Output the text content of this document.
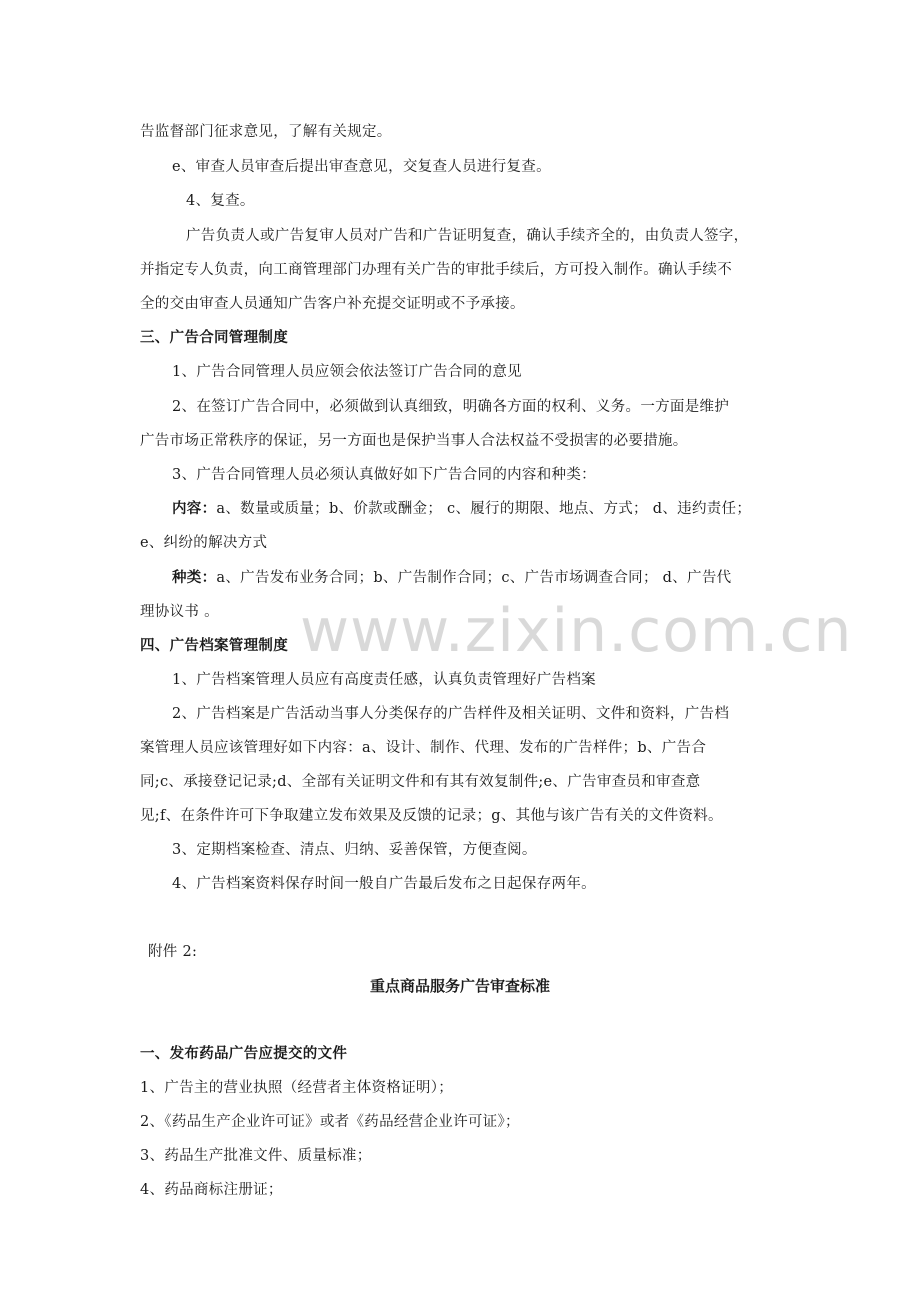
www.zixin.com.cn
告监督部门征求意见，了解有关规定。
e、审查人员审查后提出审查意见，交复查人员进行复查。
4、复查。
广告负责人或广告复审人员对广告和广告证明复查，确认手续齐全的，由负责人签字，
并指定专人负责，向工商管理部门办理有关广告的审批手续后，方可投入制作。确认手续不
全的交由审查人员通知广告客户补充提交证明或不予承接。
三、广告合同管理制度
1、广告合同管理人员应领会依法签订广告合同的意见
2、在签订广告合同中，必须做到认真细致，明确各方面的权利、义务。一方面是维护
广告市场正常秩序的保证，另一方面也是保护当事人合法权益不受损害的必要措施。
3、广告合同管理人员必须认真做好如下广告合同的内容和种类：
内容：a、数量或质量；b、价款或酬金； c、履行的期限、地点、方式； d、违约责任；
e、纠纷的解决方式
种类：a、广告发布业务合同；b、广告制作合同；c、广告市场调查合同； d、广告代
理协议书 。
四、广告档案管理制度
1、广告档案管理人员应有高度责任感，认真负责管理好广告档案
2、广告档案是广告活动当事人分类保存的广告样件及相关证明、文件和资料，广告档
案管理人员应该管理好如下内容：a、设计、制作、代理、发布的广告样件；b、广告合
同;c、承接登记记录;d、全部有关证明文件和有其有效复制件;e、广告审查员和审查意
见;f、在条件许可下争取建立发布效果及反馈的记录；g、其他与该广告有关的文件资料。
3、定期档案检查、清点、归纳、妥善保管，方便查阅。
4、广告档案资料保存时间一般自广告最后发布之日起保存两年。
附件 2:
重点商品服务广告审查标准
一、发布药品广告应提交的文件
1、广告主的营业执照（经营者主体资格证明）；
2、《药品生产企业许可证》或者《药品经营企业许可证》；
3、药品生产批准文件、质量标准；
4、药品商标注册证；
